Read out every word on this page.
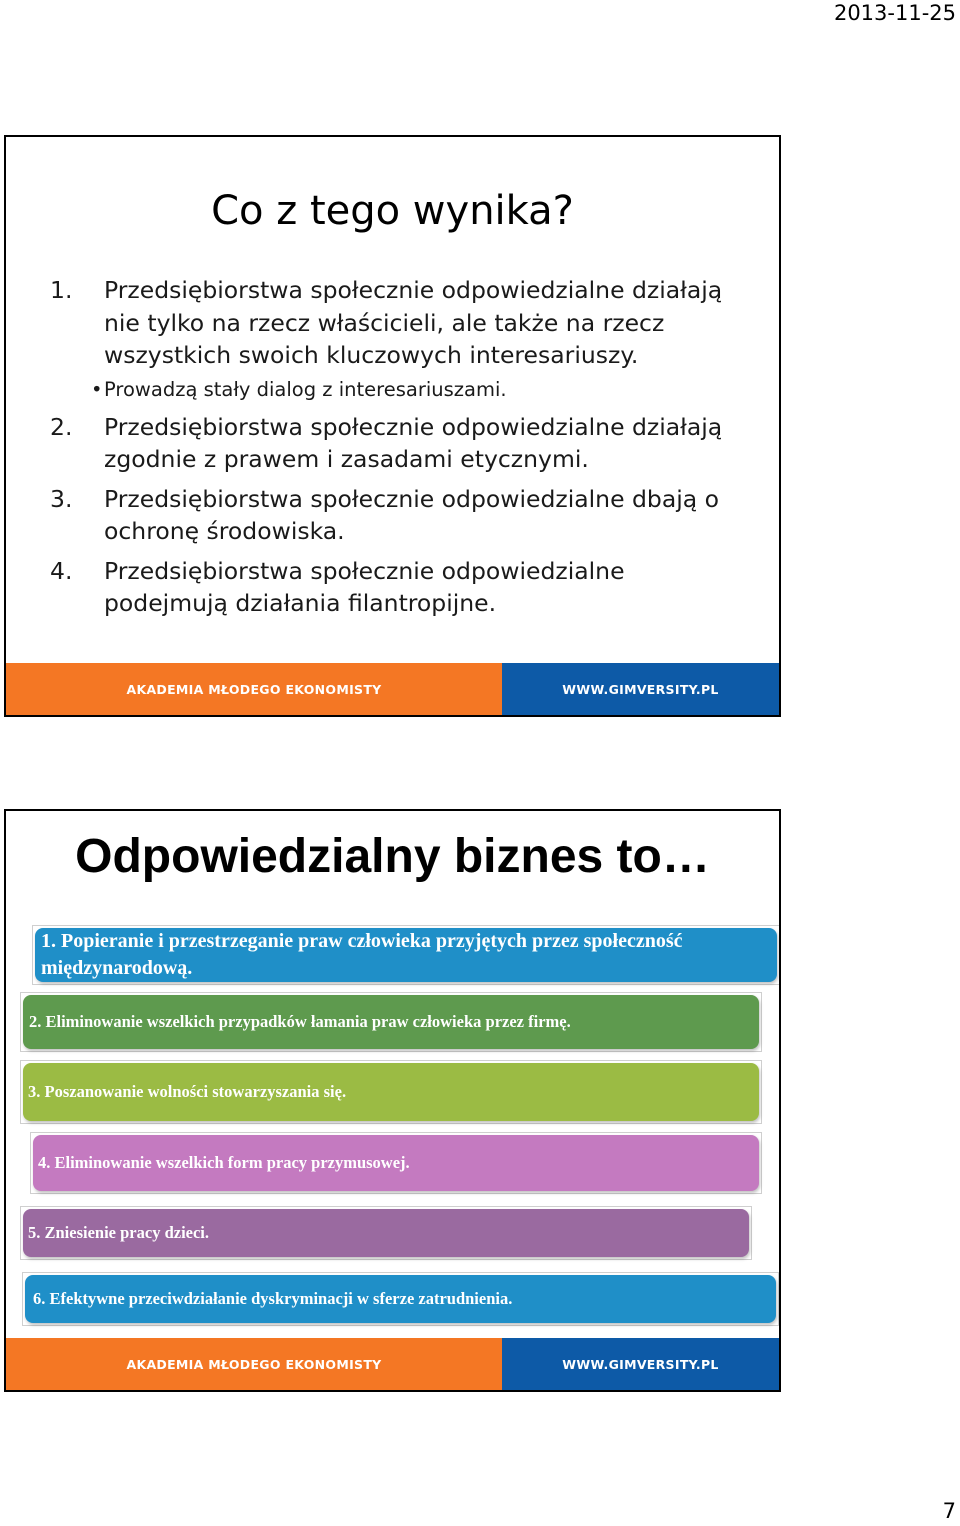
2013-11-25
Co z tego wynika?
1. Przedsiębiorstwa społecznie odpowiedzialne działają nie tylko na rzecz właścicieli, ale także na rzecz wszystkich swoich kluczowych interesariuszy.
• Prowadzą stały dialog z interesariuszami.
2. Przedsiębiorstwa społecznie odpowiedzialne działają zgodnie z prawem i zasadami etycznymi.
3. Przedsiębiorstwa społecznie odpowiedzialne dbają o ochronę środowiska.
4. Przedsiębiorstwa społecznie odpowiedzialne podejmują działania filantropijne.
AKADEMIA MŁODEGO EKONOMISTY	WWW.GIMVERSITY.PL
Odpowiedzialny biznes to…
1. Popieranie i przestrzeganie praw człowieka przyjętych przez społeczność międzynarodową.
2. Eliminowanie wszelkich przypadków łamania praw człowieka przez firmę.
3. Poszanowanie wolności stowarzyszania się.
4. Eliminowanie wszelkich form pracy przymusowej.
5. Zniesienie pracy dzieci.
6. Efektywne przeciwdziałanie dyskryminacji w sferze zatrudnienia.
AKADEMIA MŁODEGO EKONOMISTY	WWW.GIMVERSITY.PL
7
